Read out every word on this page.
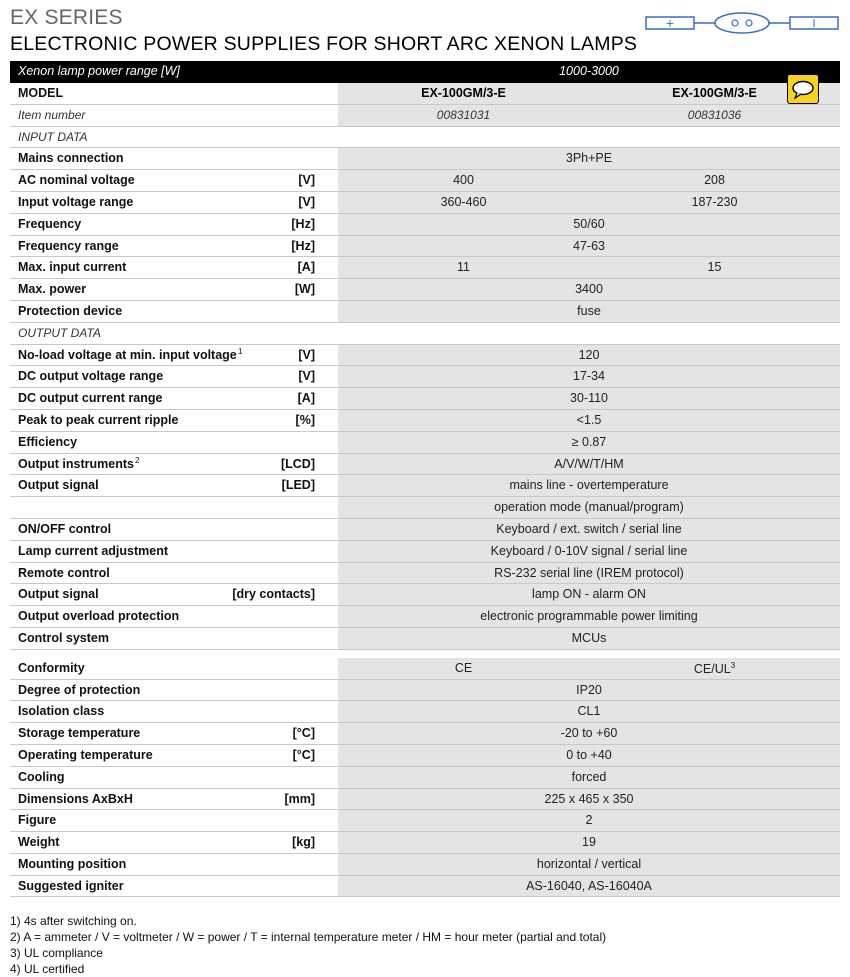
EX SERIES
ELECTRONIC POWER SUPPLIES FOR SHORT ARC XENON LAMPS
+	I
Xenon lamp power range [W]	1000-3000
MODEL	EX-100GM/3-E	EX-100GM/3-E
Item number	00831031	00831036
INPUT DATA
Mains connection	3Ph+PE
AC nominal voltage	[V]	400	208
Input voltage range	[V]	360-460	187-230
Frequency	[Hz]	50/60
Frequency range	[Hz]	47-63
Max. input current	[A]	11	15
Max. power	[W]	3400
Protection device	fuse
OUTPUT DATA
No-load voltage at min. input voltage 1	[V]	120
DC output voltage range	[V]	17-34
DC output current range	[A]	30-110
Peak to peak current ripple	[%]	<1.5
Efficiency	≥ 0.87
Output instruments 2	[LCD]	A/V/W/T/HM
Output signal	[LED]	mains line - overtemperature
operation mode (manual/program)
ON/OFF control	Keyboard / ext. switch / serial line
Lamp current adjustment	Keyboard / 0-10V signal / serial line
Remote control	RS-232 serial line (IREM protocol)
Output signal	[dry contacts]	lamp ON - alarm ON
Output overload protection	electronic programmable power limiting
Control system	MCUs
Conformity	CE	$CE/UL^3$
Degree of protection	IP20
Isolation class	CL1
Storage temperature	[°C]	-20 to +60
Operating temperature	[°C]	0 to +40
Cooling	forced
Dimensions AxBxH	[mm]	225 x 465 x 350
Figure	2
Weight	[kg]	19
Mounting position	horizontal / vertical
Suggested igniter	AS-16040, AS-16040A
1) 4s after switching on.
2) A = ammeter / V = voltmeter / W = power / T = internal temperature meter / HM = hour meter (partial and total)
3) UL compliance
4) UL certified
